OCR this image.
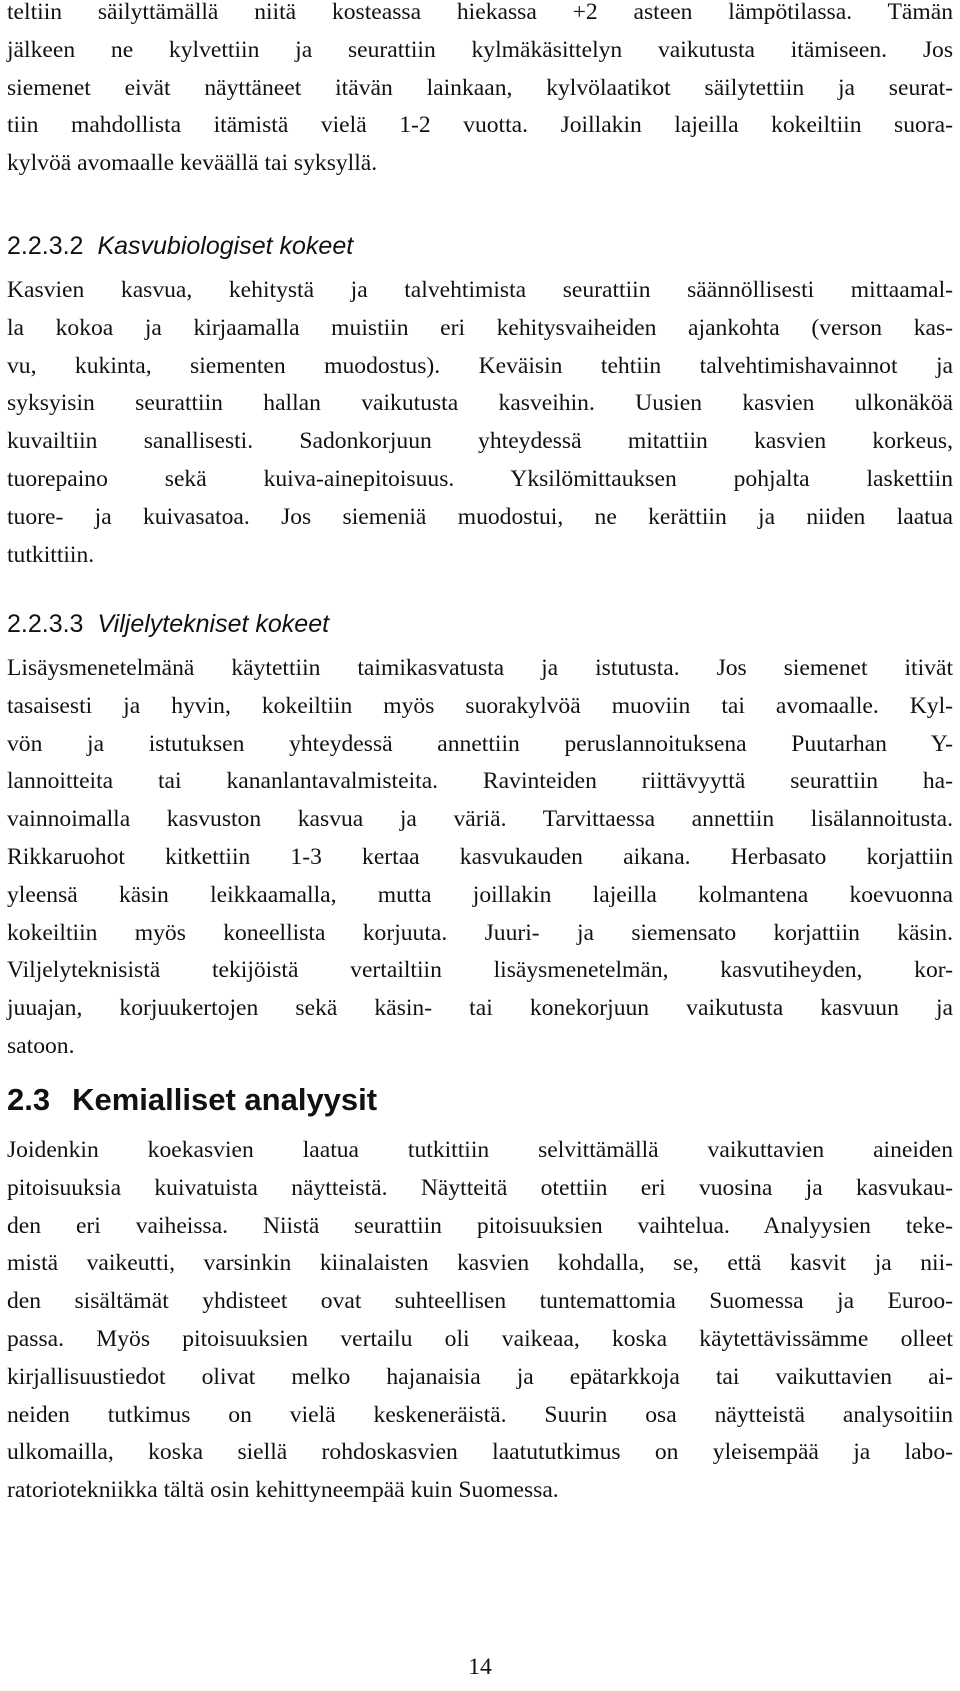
2.2.3.2 Kasvubiologiset kokeet
2.2.3.3 Viljelytekniset kokeet
2.3 Kemialliset analyysit
teltiin säilyttämällä niitä kosteassa hiekassa +2 asteen lämpötilassa. Tämän
jälkeen ne kylvettiin ja seurattiin kylmäkäsittelyn vaikutusta itämiseen. Jos
siemenet eivät näyttäneet itävän lainkaan, kylvölaatikot säilytettiin ja seurat-
tiin mahdollista itämistä vielä 1-2 vuotta. Joillakin lajeilla kokeiltiin suora-
kylvöä avomaalle keväällä tai syksyllä.
Kasvien kasvua, kehitystä ja talvehtimista seurattiin säännöllisesti mittaamal-
la kokoa ja kirjaamalla muistiin eri kehitysvaiheiden ajankohta (verson kas-
vu, kukinta, siementen muodostus). Keväisin tehtiin talvehtimishavainnot ja
syksyisin seurattiin hallan vaikutusta kasveihin. Uusien kasvien ulkonäköä
kuvailtiin sanallisesti. Sadonkorjuun yhteydessä mitattiin kasvien korkeus,
tuorepaino sekä kuiva-ainepitoisuus. Yksilömittauksen pohjalta laskettiin
tuore- ja kuivasatoa. Jos siemeniä muodostui, ne kerättiin ja niiden laatua
tutkittiin.
Lisäysmenetelmänä käytettiin taimikasvatusta ja istutusta. Jos siemenet itivät
tasaisesti ja hyvin, kokeiltiin myös suorakylvöä muoviin tai avomaalle. Kyl-
vön ja istutuksen yhteydessä annettiin peruslannoituksena Puutarhan Y-
lannoitteita tai kananlantavalmisteita. Ravinteiden riittävyyttä seurattiin ha-
vainnoimalla kasvuston kasvua ja väriä. Tarvittaessa annettiin lisälannoitusta.
Rikkaruohot kitkettiin 1-3 kertaa kasvukauden aikana. Herbasato korjattiin
yleensä käsin leikkaamalla, mutta joillakin lajeilla kolmantena koevuonna
kokeiltiin myös koneellista korjuuta. Juuri- ja siemensato korjattiin käsin.
Viljelyteknisistä tekijöistä vertailtiin lisäysmenetelmän, kasvutiheyden, kor-
juuajan, korjuukertojen sekä käsin- tai konekorjuun vaikutusta kasvuun ja
satoon.
Joidenkin koekasvien laatua tutkittiin selvittämällä vaikuttavien aineiden
pitoisuuksia kuivatuista näytteistä. Näytteitä otettiin eri vuosina ja kasvukau-
den eri vaiheissa. Niistä seurattiin pitoisuuksien vaihtelua. Analyysien teke-
mistä vaikeutti, varsinkin kiinalaisten kasvien kohdalla, se, että kasvit ja nii-
den sisältämät yhdisteet ovat suhteellisen tuntemattomia Suomessa ja Euroo-
passa. Myös pitoisuuksien vertailu oli vaikeaa, koska käytettävissämme olleet
kirjallisuustiedot olivat melko hajanaisia ja epätarkkoja tai vaikuttavien ai-
neiden tutkimus on vielä keskeneräistä. Suurin osa näytteistä analysoitiin
ulkomailla, koska siellä rohdoskasvien laatututkimus on yleisempää ja labo-
ratoriotekniikka tältä osin kehittyneempää kuin Suomessa.
14
